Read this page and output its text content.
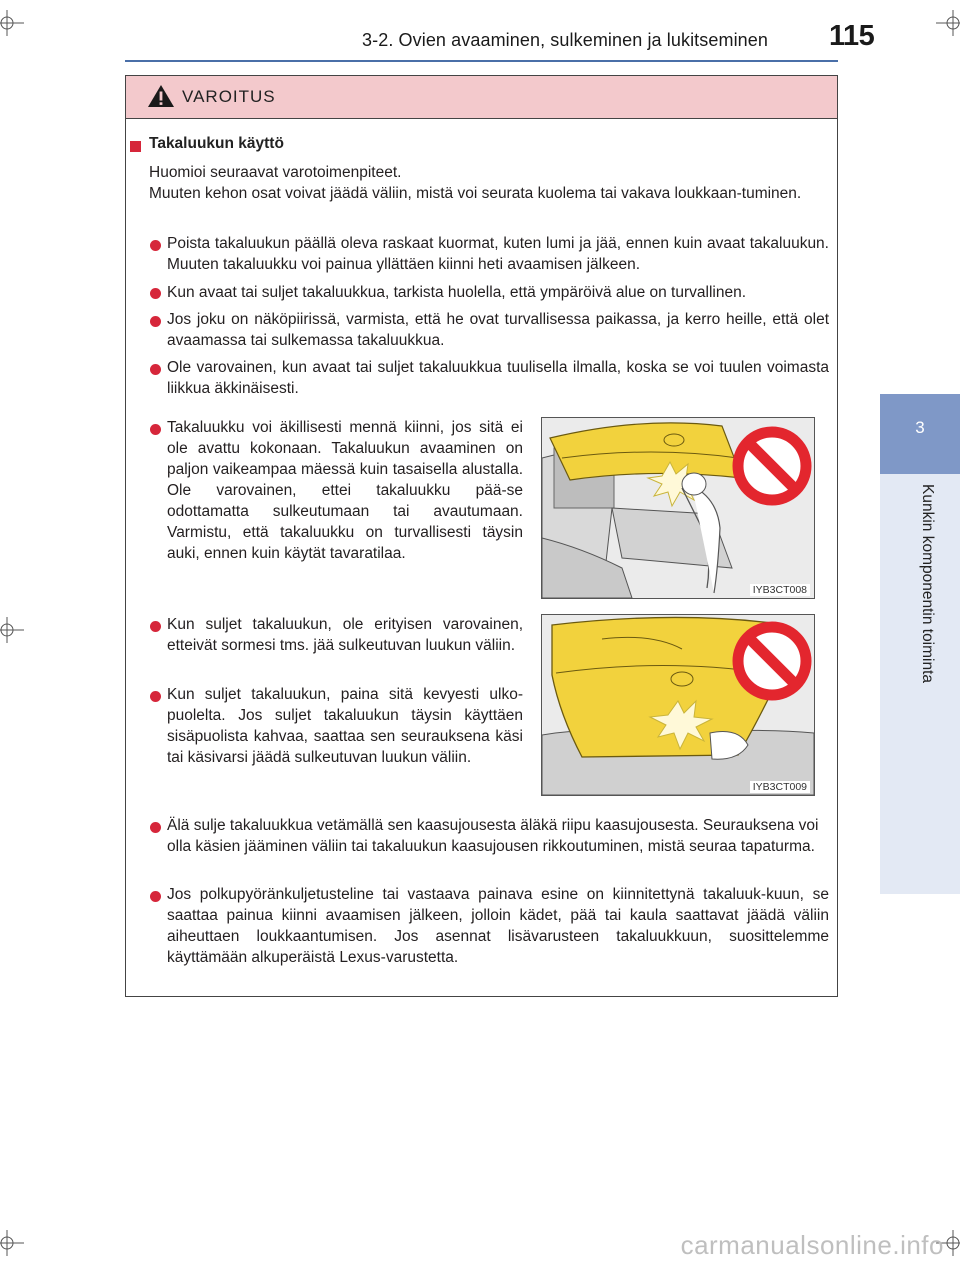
3-2. Ovien avaaminen, sulkeminen ja lukitseminen 115
3
Kunkin komponentin toiminta
VAROITUS
Takaluukun käyttö
Huomioi seuraavat varotoimenpiteet.
Muuten kehon osat voivat jäädä väliin, mistä voi seurata kuolema tai vakava loukkaan-tuminen.
Poista takaluukun päällä oleva raskaat kuormat, kuten lumi ja jää, ennen kuin avaat takaluukun. Muuten takaluukku voi painua yllättäen kiinni heti avaamisen jälkeen.
Kun avaat tai suljet takaluukkua, tarkista huolella, että ympäröivä alue on turvallinen.
Jos joku on näköpiirissä, varmista, että he ovat turvallisessa paikassa, ja kerro heille, että olet avaamassa tai sulkemassa takaluukkua.
Ole varovainen, kun avaat tai suljet takaluukkua tuulisella ilmalla, koska se voi tuulen voimasta liikkua äkkinäisesti.
Takaluukku voi äkillisesti mennä kiinni, jos sitä ei ole avattu kokonaan. Takaluukun avaaminen on paljon vaikeampaa mäessä kuin tasaisella alustalla. Ole varovainen, ettei takaluukku pää-se odottamatta sulkeutumaan tai avautumaan. Varmistu, että takaluukku on turvallisesti täysin auki, ennen kuin käytät tavaratilaa.
IYB3CT008
Kun suljet takaluukun, ole erityisen varovainen, etteivät sormesi tms. jää sulkeutuvan luukun väliin.
Kun suljet takaluukun, paina sitä kevyesti ulko-puolelta. Jos suljet takaluukun täysin käyttäen sisäpuolista kahvaa, saattaa sen seurauksena käsi tai käsivarsi jäädä sulkeutuvan luukun väliin.
IYB3CT009
Älä sulje takaluukkua vetämällä sen kaasujousesta äläkä riipu kaasujousesta. Seurauksena voi olla käsien jääminen väliin tai takaluukun kaasujousen rikkoutuminen, mistä seuraa tapaturma.
Jos polkupyöränkuljetusteline tai vastaava painava esine on kiinnitettynä takaluuk-kuun, se saattaa painua kiinni avaamisen jälkeen, jolloin kädet, pää tai kaula saattavat jäädä väliin aiheuttaen loukkaantumisen. Jos asennat lisävarusteen takaluukkuun, suosittelemme käyttämään alkuperäistä Lexus-varustetta.
carmanualsonline.info
